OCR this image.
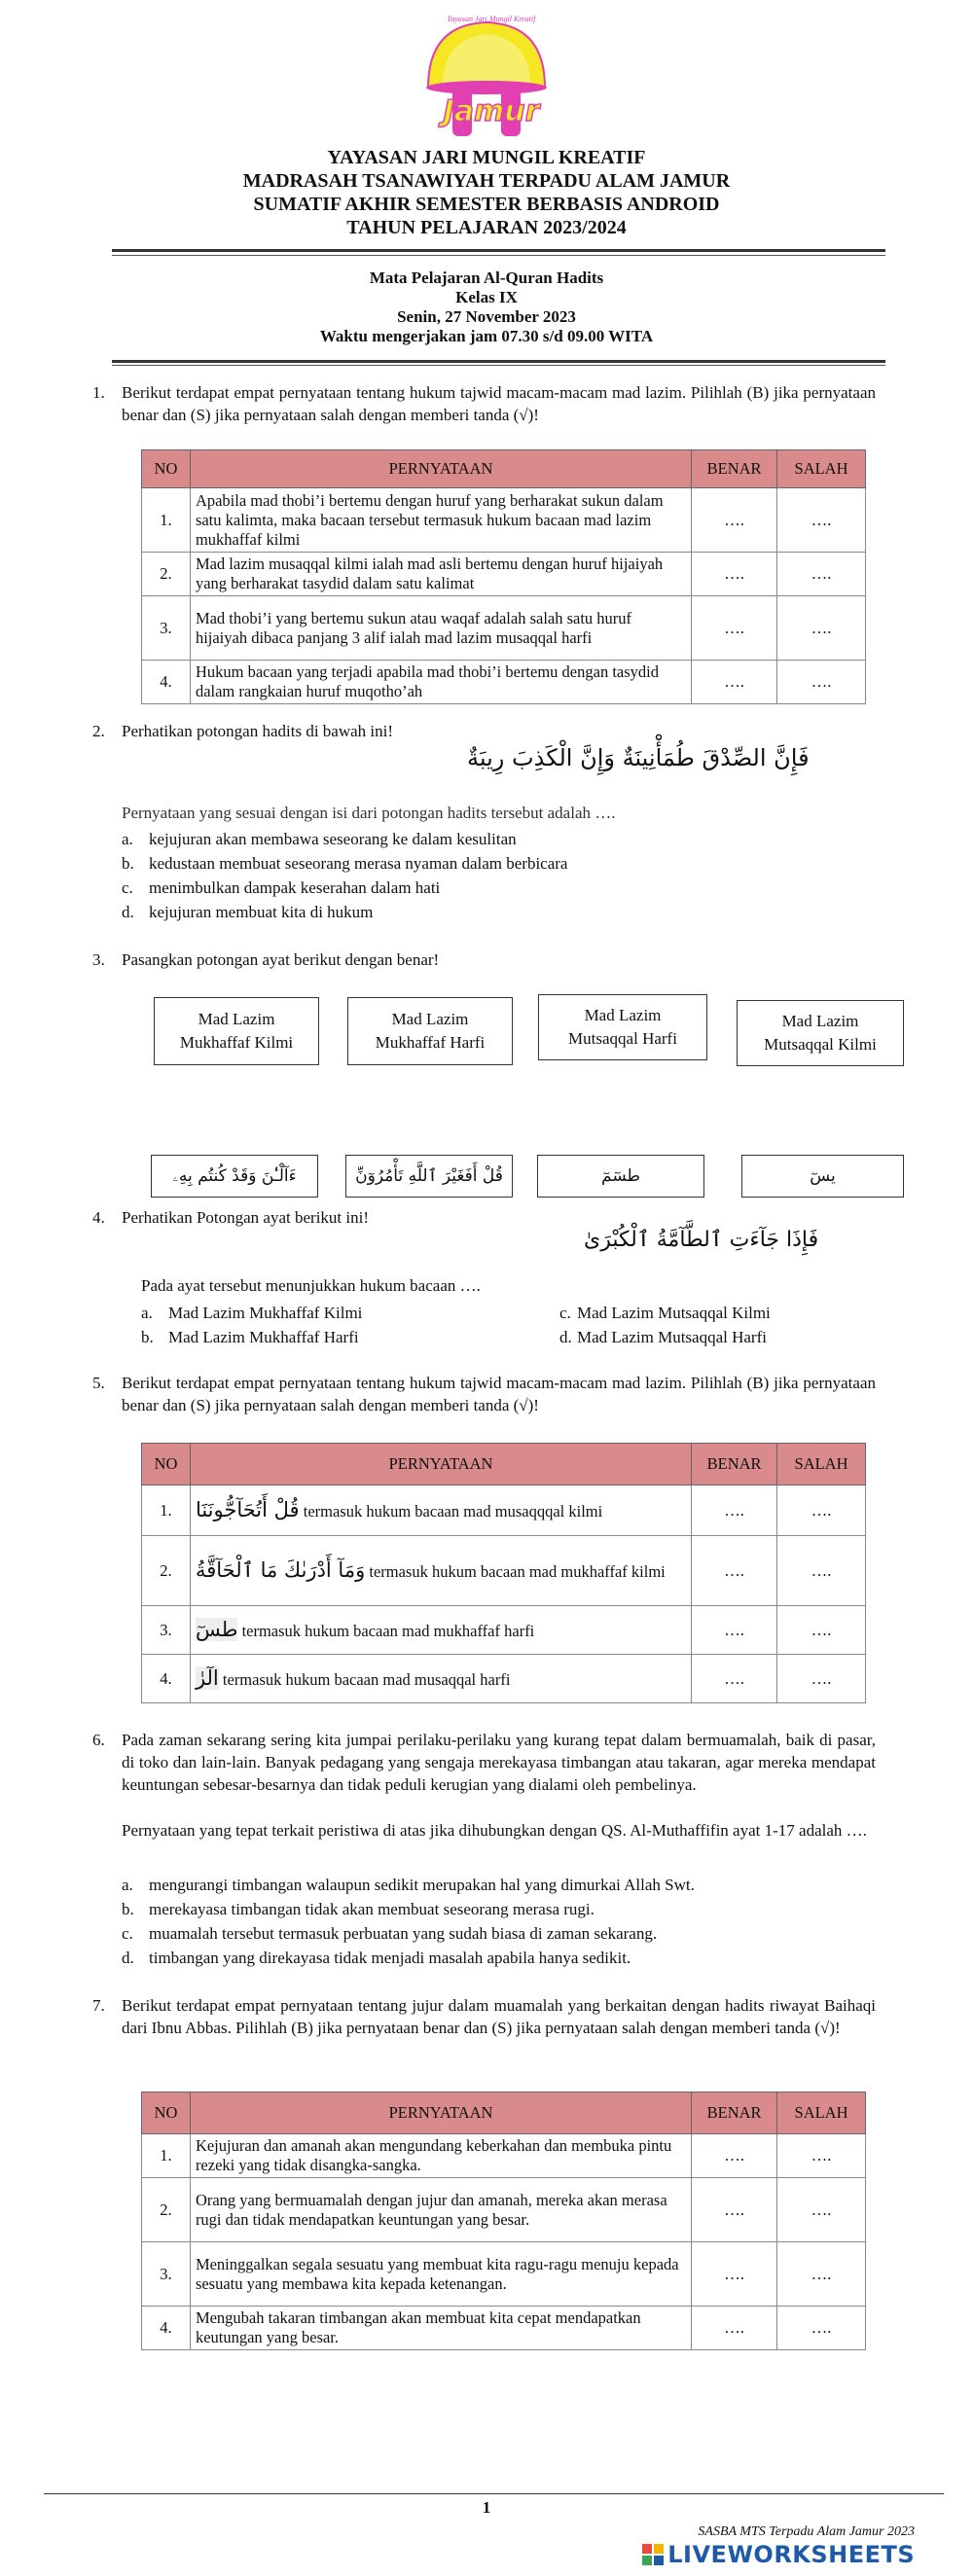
Jamur
Yayasan Jari Mungil Kreatif
YAYASAN JARI MUNGIL KREATIF
MADRASAH TSANAWIYAH TERPADU ALAM JAMUR
SUMATIF AKHIR SEMESTER BERBASIS ANDROID
TAHUN PELAJARAN 2023/2024
Mata Pelajaran Al-Quran Hadits
Kelas IX
Senin, 27 November 2023
Waktu mengerjakan jam 07.30 s/d 09.00 WITA
1. Berikut terdapat empat pernyataan tentang hukum tajwid macam-macam mad lazim. Pilihlah (B) jika pernyataan benar dan (S) jika pernyataan salah dengan memberi tanda (√)!
NO	PERNYATAAN	BENAR	SALAH
1.	Apabila mad thobi’i bertemu dengan huruf yang berharakat sukun dalam satu kalimta, maka bacaan tersebut termasuk hukum bacaan mad lazim mukhaffaf kilmi	….	….
2.	Mad lazim musaqqal kilmi ialah mad asli bertemu dengan huruf hijaiyah yang berharakat tasydid dalam satu kalimat	….	….
3.	Mad thobi’i yang bertemu sukun atau waqaf adalah salah satu huruf hijaiyah dibaca panjang 3 alif ialah mad lazim musaqqal harfi	….	….
4.	Hukum bacaan yang terjadi apabila mad thobi’i bertemu dengan tasydid dalam rangkaian huruf muqotho’ah	….	….
2. Perhatikan potongan hadits di bawah ini!
فَإِنَّ الصِّدْقَ طُمَأْنِينَةٌ وَإِنَّ الْكَذِبَ رِيبَةٌ
Pernyataan yang sesuai dengan isi dari potongan hadits tersebut adalah ….
a. kejujuran akan membawa seseorang ke dalam kesulitan
b. kedustaan membuat seseorang merasa nyaman dalam berbicara
c. menimbulkan dampak keserahan dalam hati
d. kejujuran membuat kita di hukum
3. Pasangkan potongan ayat berikut dengan benar!
Mad Lazim
Mukhaffaf Kilmi
Mad Lazim
Mukhaffaf Harfi
Mad Lazim
Mutsaqqal Harfi
Mad Lazim
Mutsaqqal Kilmi
ءَآلْـٰٔنَ وَقَدْ كُنتُم بِهِۦ	قُلْ أَفَغَيْرَ ٱللَّهِ تَأْمُرُوٓنِّ	طسٓمٓ	يسٓ
4. Perhatikan Potongan ayat berikut ini!
فَإِذَا جَآءَتِ ٱلطَّآمَّةُ ٱلْكُبْرَىٰ
Pada ayat tersebut menunjukkan hukum bacaan ….
a. Mad Lazim Mukhaffaf Kilmi	c. Mad Lazim Mutsaqqal Kilmi
b. Mad Lazim Mukhaffaf Harfi	d. Mad Lazim Mutsaqqal Harfi
5. Berikut terdapat empat pernyataan tentang hukum tajwid macam-macam mad lazim. Pilihlah (B) jika pernyataan benar dan (S) jika pernyataan salah dengan memberi tanda (√)!
NO	PERNYATAAN	BENAR	SALAH
1.	قُلْ أَتُحَآجُّونَنَا termasuk hukum bacaan mad musaqqqal kilmi	….	….
2.	وَمَآ أَدْرَىٰكَ مَا ٱلْحَآقَّةُ termasuk hukum bacaan mad mukhaffaf kilmi	….	….
3.	طسٓ termasuk hukum bacaan mad mukhaffaf harfi	….	….
4.	الٓرٰ termasuk hukum bacaan mad musaqqal harfi	….	….
6. Pada zaman sekarang sering kita jumpai perilaku-perilaku yang kurang tepat dalam bermuamalah, baik di pasar, di toko dan lain-lain. Banyak pedagang yang sengaja merekayasa timbangan atau takaran, agar mereka mendapat keuntungan sebesar-besarnya dan tidak peduli kerugian yang dialami oleh pembelinya.
Pernyataan yang tepat terkait peristiwa di atas jika dihubungkan dengan QS. Al-Muthaffifin ayat 1-17 adalah ….
a. mengurangi timbangan walaupun sedikit merupakan hal yang dimurkai Allah Swt.
b. merekayasa timbangan tidak akan membuat seseorang merasa rugi.
c. muamalah tersebut termasuk perbuatan yang sudah biasa di zaman sekarang.
d. timbangan yang direkayasa tidak menjadi masalah apabila hanya sedikit.
7. Berikut terdapat empat pernyataan tentang jujur dalam muamalah yang berkaitan dengan hadits riwayat Baihaqi dari Ibnu Abbas. Pilihlah (B) jika pernyataan benar dan (S) jika pernyataan salah dengan memberi tanda (√)!
NO	PERNYATAAN	BENAR	SALAH
1.	Kejujuran dan amanah akan mengundang keberkahan dan membuka pintu rezeki yang tidak disangka-sangka.	….	….
2.	Orang yang bermuamalah dengan jujur dan amanah, mereka akan merasa rugi dan tidak mendapatkan keuntungan yang besar.	….	….
3.	Meninggalkan segala sesuatu yang membuat kita ragu-ragu menuju kepada sesuatu yang membawa kita kepada ketenangan.	….	….
4.	Mengubah takaran timbangan akan membuat kita cepat mendapatkan keutungan yang besar.	….	….
1
SASBA MTS Terpadu Alam Jamur 2023
LIVEWORKSHEETS
